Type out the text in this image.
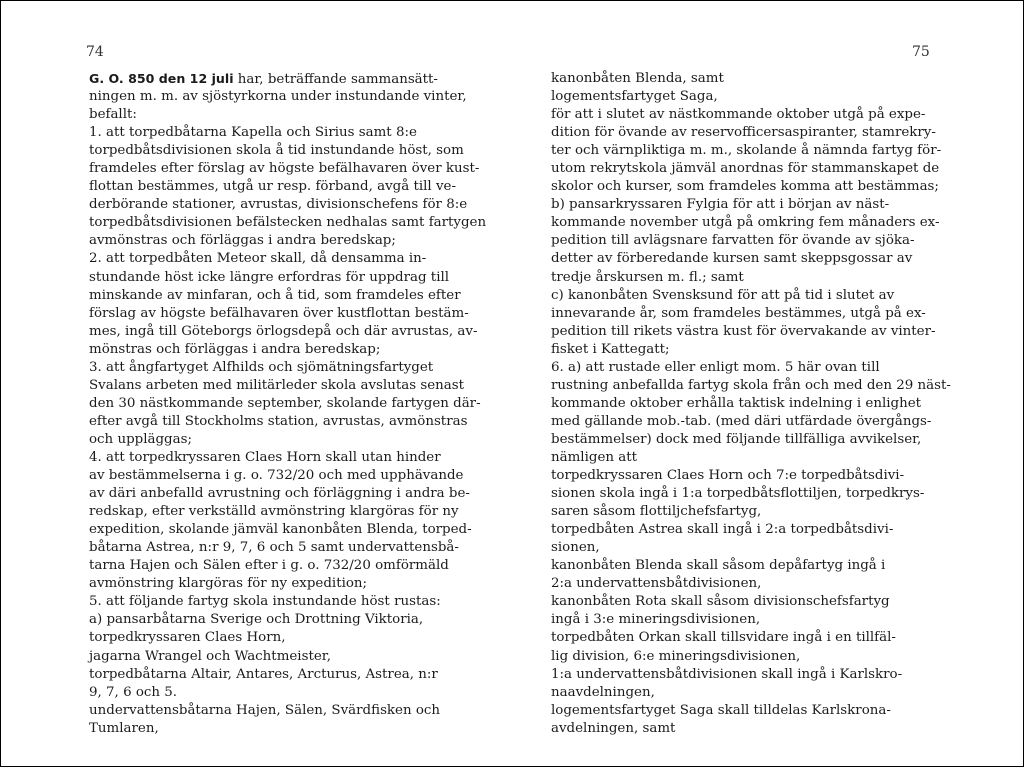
74	75
G. O. 850 den 12 juli har, beträffande sammansätt-
ningen m. m. av sjöstyrkorna under instundande vinter,
befallt:
1. att torpedbåtarna Kapella och Sirius samt 8:e
torpedbåtsdivisionen skola å tid instundande höst, som
framdeles efter förslag av högste befälhavaren över kust-
flottan bestämmes, utgå ur resp. förband, avgå till ve-
derbörande stationer, avrustas, divisionschefens för 8:e
torpedbåtsdivisionen befälstecken nedhalas samt fartygen
avmönstras och förläggas i andra beredskap;
2. att torpedbåten Meteor skall, då densamma in-
stundande höst icke längre erfordras för uppdrag till
minskande av minfaran, och å tid, som framdeles efter
förslag av högste befälhavaren över kustflottan bestäm-
mes, ingå till Göteborgs örlogsdepå och där avrustas, av-
mönstras och förläggas i andra beredskap;
3. att ångfartyget Alfhilds och sjömätningsfartyget
Svalans arbeten med militärleder skola avslutas senast
den 30 nästkommande september, skolande fartygen där-
efter avgå till Stockholms station, avrustas, avmönstras
och uppläggas;
4. att torpedkryssaren Claes Horn skall utan hinder
av bestämmelserna i g. o. 732/20 och med upphävande
av däri anbefalld avrustning och förläggning i andra be-
redskap, efter verkställd avmönstring klargöras för ny
expedition, skolande jämväl kanonbåten Blenda, torped-
båtarna Astrea, n:r 9, 7, 6 och 5 samt undervattensbå-
tarna Hajen och Sälen efter i g. o. 732/20 omförmäld
avmönstring klargöras för ny expedition;
5. att följande fartyg skola instundande höst rustas:
a) pansarbåtarna Sverige och Drottning Viktoria,
torpedkryssaren Claes Horn,
jagarna Wrangel och Wachtmeister,
torpedbåtarna Altair, Antares, Arcturus, Astrea, n:r
9, 7, 6 och 5.
undervattensbåtarna Hajen, Sälen, Svärdfisken och
Tumlaren,
kanonbåten Blenda, samt
logementsfartyget Saga,
för att i slutet av nästkommande oktober utgå på expe-
dition för övande av reservofficersaspiranter, stamrekry-
ter och värnpliktiga m. m., skolande å nämnda fartyg för-
utom rekrytskola jämväl anordnas för stammanskapet de
skolor och kurser, som framdeles komma att bestämmas;
b) pansarkryssaren Fylgia för att i början av näst-
kommande november utgå på omkring fem månaders ex-
pedition till avlägsnare farvatten för övande av sjöka-
detter av förberedande kursen samt skeppsgossar av
tredje årskursen m. fl.; samt
c) kanonbåten Svensksund för att på tid i slutet av
innevarande år, som framdeles bestämmes, utgå på ex-
pedition till rikets västra kust för övervakande av vinter-
fisket i Kattegatt;
6. a) att rustade eller enligt mom. 5 här ovan till
rustning anbefallda fartyg skola från och med den 29 näst-
kommande oktober erhålla taktisk indelning i enlighet
med gällande mob.-tab. (med däri utfärdade övergångs-
bestämmelser) dock med följande tillfälliga avvikelser,
nämligen att
torpedkryssaren Claes Horn och 7:e torpedbåtsdivi-
sionen skola ingå i 1:a torpedbåtsflottiljen, torpedkrys-
saren såsom flottiljchefsfartyg,
torpedbåten Astrea skall ingå i 2:a torpedbåtsdivi-
sionen,
kanonbåten Blenda skall såsom depåfartyg ingå i
2:a undervattensbåtdivisionen,
kanonbåten Rota skall såsom divisionschefsfartyg
ingå i 3:e mineringsdivisionen,
torpedbåten Orkan skall tillsvidare ingå i en tillfäl-
lig division, 6:e mineringsdivisionen,
1:a undervattensbåtdivisionen skall ingå i Karlskro-
naavdelningen,
logementsfartyget Saga skall tilldelas Karlskrona-
avdelningen, samt
